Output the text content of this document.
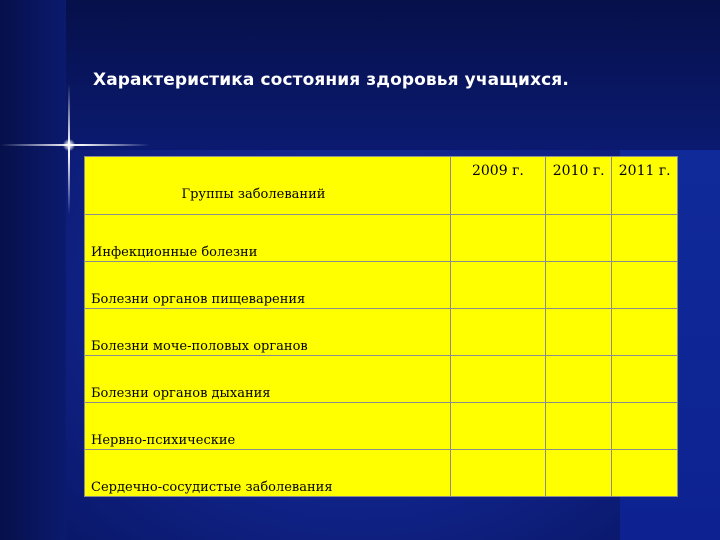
Характеристика состояния здоровья учащихся.
Группы заболеваний	2009 г.	2010 г.	2011 г.
Инфекционные болезни			
Болезни органов пищеварения			
Болезни моче-половых органов			
Болезни органов дыхания			
Нервно-психические			
Сердечно-сосудистые заболевания			
